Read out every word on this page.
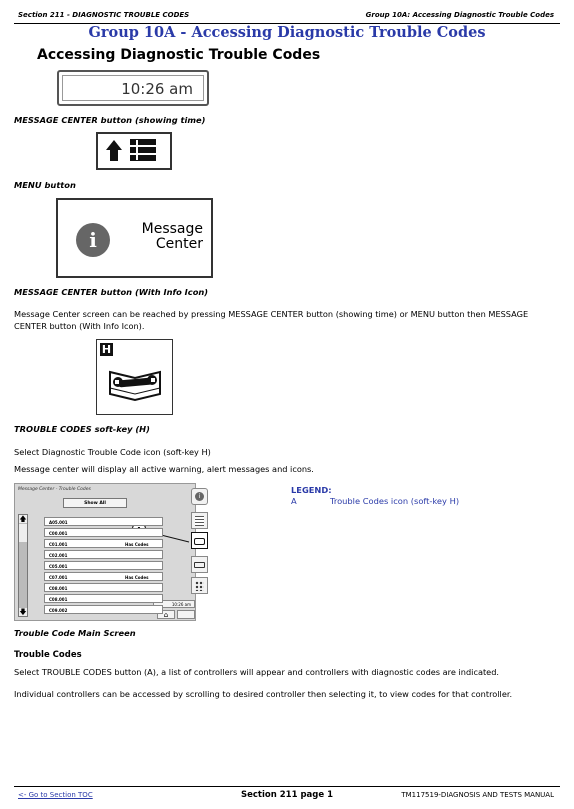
Section 211 - DIAGNOSTIC TROUBLE CODES	Group 10A: Accessing Diagnostic Trouble Codes
Group 10A - Accessing Diagnostic Trouble Codes
Accessing Diagnostic Trouble Codes
10:26 am
MESSAGE CENTER button (showing time)
MENU button
i	Message
Center
MESSAGE CENTER button (With Info Icon)
Message Center screen can be reached by pressing MESSAGE CENTER button (showing time) or MENU button then MESSAGE CENTER button (With Info Icon).
H
TROUBLE CODES soft-key (H)
Select Diagnostic Trouble Code icon (soft-key H)
Message center will display all active warning, alert messages and icons.
Message Center - Trouble Codes
Show All
🡅
🡇
i
10:26 am
⌂
A05.001
C00.001
C01.001	Has Codes
C02.001
C05.001
C07.001	Has Codes
C08.001
C08.001
C09.002
Trouble Code Main Screen
LEGEND:
A	Trouble Codes icon (soft-key H)
Trouble Codes
Select TROUBLE CODES button (A), a list of controllers will appear and controllers with diagnostic codes are indicated.
Individual controllers can be accessed by scrolling to desired controller then selecting it, to view codes for that controller.
<- Go to Section TOC	Section 211 page 1	TM117519-DIAGNOSIS AND TESTS MANUAL
